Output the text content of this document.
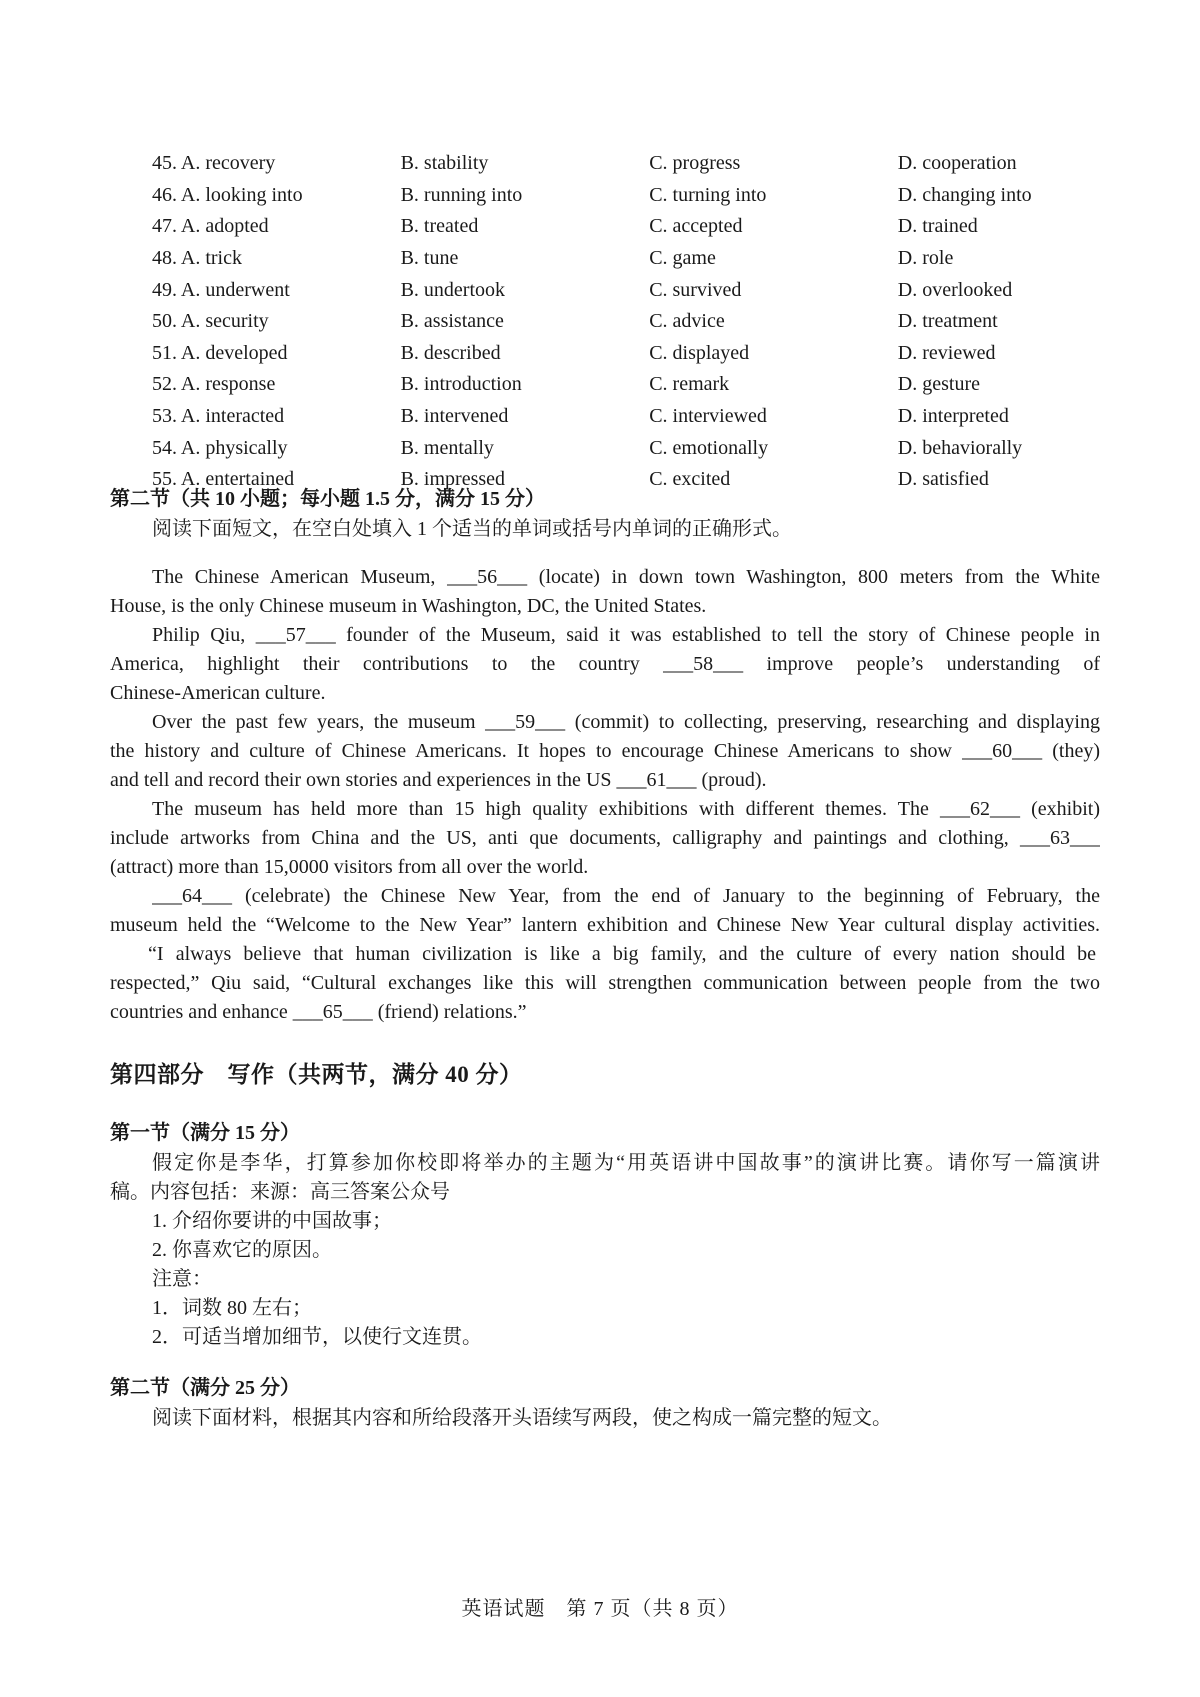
45. A. recovery	B. stability	C. progress	D. cooperation
46. A. looking into	B. running into	C. turning into	D. changing into
47. A. adopted	B. treated	C. accepted	D. trained
48. A. trick	B. tune	C. game	D. role
49. A. underwent	B. undertook	C. survived	D. overlooked
50. A. security	B. assistance	C. advice	D. treatment
51. A. developed	B. described	C. displayed	D. reviewed
52. A. response	B. introduction	C. remark	D. gesture
53. A. interacted	B. intervened	C. interviewed	D. interpreted
54. A. physically	B. mentally	C. emotionally	D. behaviorally
55. A. entertained	B. impressed	C. excited	D. satisfied
第二节（共 10 小题；每小题 1.5 分，满分 15 分）
阅读下面短文，在空白处填入 1 个适当的单词或括号内单词的正确形式。
The Chinese American Museum, ___56___ (locate) in down town Washington, 800 meters from the White
House, is the only Chinese museum in Washington, DC, the United States.
Philip Qiu, ___57___ founder of the Museum, said it was established to tell the story of Chinese people in
America, highlight their contributions to the country ___58___ improve people’s understanding of
Chinese-American culture.
Over the past few years, the museum ___59___ (commit) to collecting, preserving, researching and displaying
the history and culture of Chinese Americans. It hopes to encourage Chinese Americans to show ___60___ (they)
and tell and record their own stories and experiences in the US ___61___ (proud).
The museum has held more than 15 high quality exhibitions with different themes. The ___62___ (exhibit)
include artworks from China and the US, anti que documents, calligraphy and paintings and clothing, ___63___
(attract) more than 15,0000 visitors from all over the world.
___64___ (celebrate) the Chinese New Year, from the end of January to the beginning of February, the
museum held the “Welcome to the New Year” lantern exhibition and Chinese New Year cultural display activities.
“I always believe that human civilization is like a big family, and the culture of every nation should be
respected,” Qiu said, “Cultural exchanges like this will strengthen communication between people from the two
countries and enhance ___65___ (friend) relations.”
第四部分　写作（共两节，满分 40 分）
第一节（满分 15 分）
假定你是李华，打算参加你校即将举办的主题为“用英语讲中国故事”的演讲比赛。请你写一篇演讲
稿。内容包括：来源：高三答案公众号
1. 介绍你要讲的中国故事；
2. 你喜欢它的原因。
注意：
1．词数 80 左右；
2．可适当增加细节，以使行文连贯。
第二节（满分 25 分）
阅读下面材料，根据其内容和所给段落开头语续写两段，使之构成一篇完整的短文。
英语试题　第 7 页（共 8 页）
